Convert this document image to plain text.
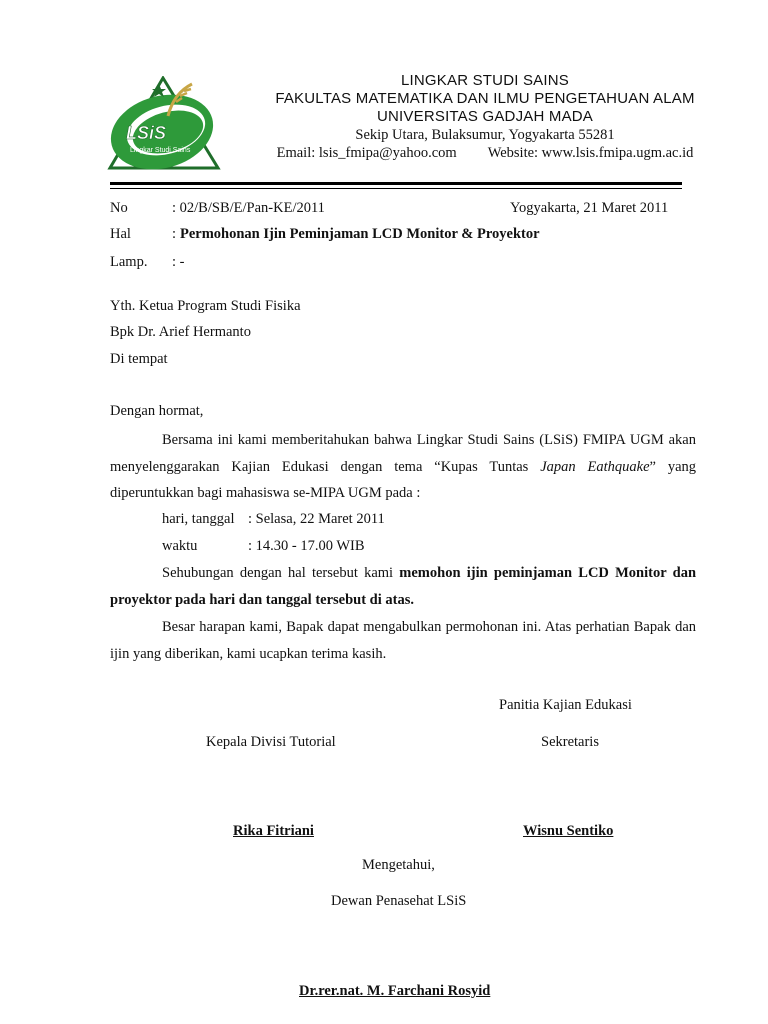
LSiS
Lingkar Studi Sains
LINGKAR STUDI SAINS
FAKULTAS MATEMATIKA DAN ILMU PENGETAHUAN ALAM
UNIVERSITAS GADJAH MADA
Sekip Utara, Bulaksumur, Yogyakarta 55281
Email: lsis_fmipa@yahoo.com Website: www.lsis.fmipa.ugm.ac.id
No	: 02/B/SB/E/Pan-KE/2011	Yogyakarta, 21 Maret 2011
Hal	: Permohonan Ijin Peminjaman LCD Monitor & Proyektor
Lamp. : -
Yth. Ketua Program Studi Fisika
Bpk Dr. Arief Hermanto
Di tempat
Dengan hormat,
Bersama ini kami memberitahukan bahwa Lingkar Studi Sains (LSiS) FMIPA UGM akan menyelenggarakan Kajian Edukasi dengan tema “Kupas Tuntas Japan Eathquake” yang diperuntukkan bagi mahasiswa se-MIPA UGM pada :
hari, tanggal : Selasa, 22 Maret 2011
waktu	: 14.30 - 17.00 WIB
Sehubungan dengan hal tersebut kami memohon ijin peminjaman LCD Monitor dan proyektor pada hari dan tanggal tersebut di atas.
Besar harapan kami, Bapak dapat mengabulkan permohonan ini. Atas perhatian Bapak dan ijin yang diberikan, kami ucapkan terima kasih.
Panitia Kajian Edukasi
Kepala Divisi Tutorial	Sekretaris
Rika Fitriani	Wisnu Sentiko
Mengetahui,
Dewan Penasehat LSiS
Dr.rer.nat. M. Farchani Rosyid
